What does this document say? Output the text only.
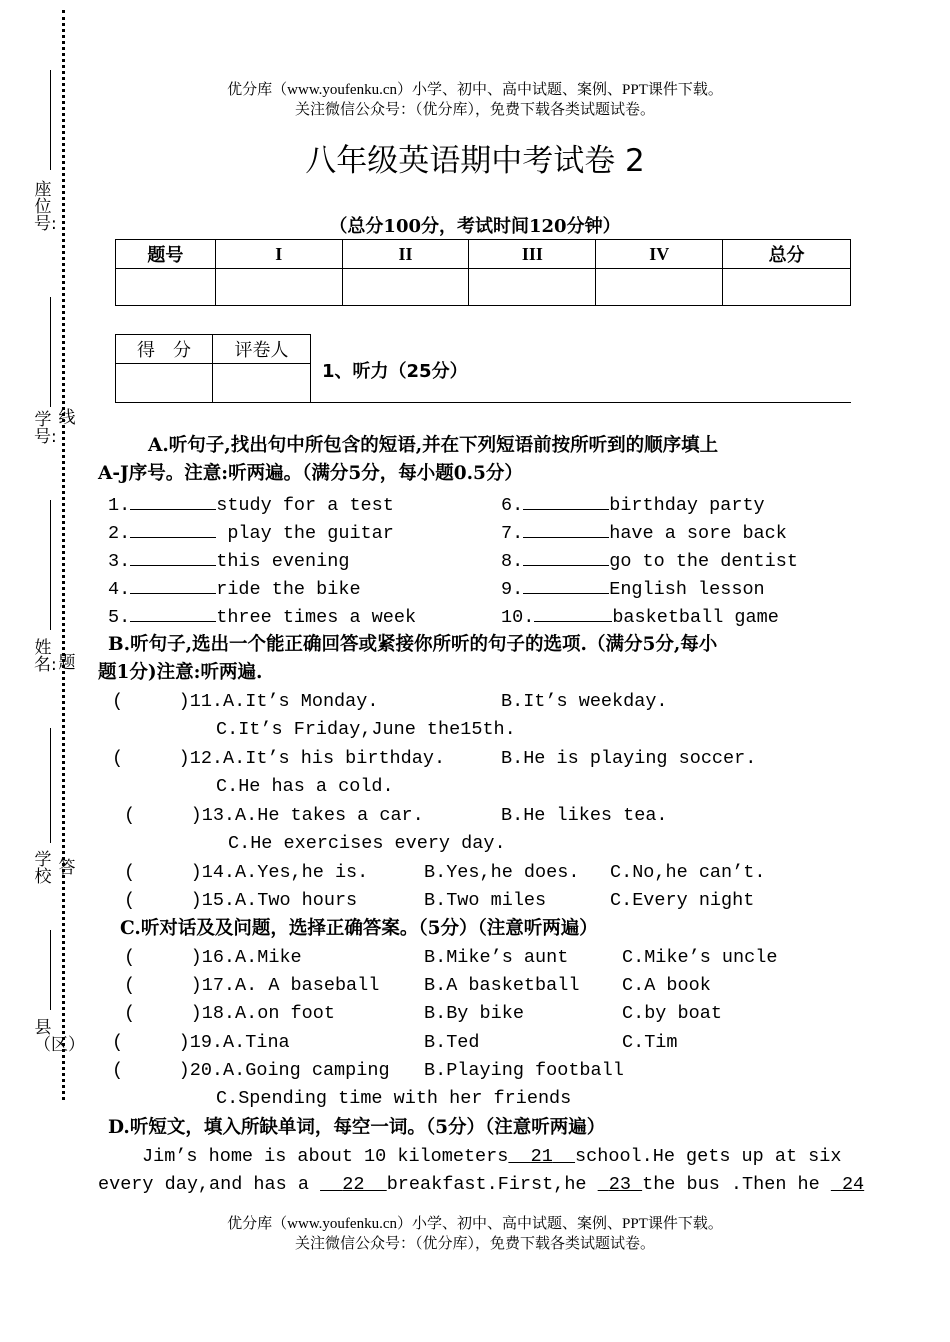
座位号:
学号:
线
姓名: 题
学校 答
县（区）
优分库（www.youfenku.cn）小学、初中、高中试题、案例、PPT课件下载。
关注微信公众号：（优分库），免费下载各类试题试卷。
八年级英语期中考试卷 2
（总分100分，考试时间120分钟）
题号	I	II	III	IV	总分

得　分	评卷人

1、听力（25分）
A.听句子,找出句中所包含的短语,并在下列短语前按所听到的顺序填上
A-J序号。注意:听两遍。（满分5分，每小题0.5分）
1.	study for a test
2.	play the guitar
3.	this evening
4.	ride the bike
5.	three times a week
6.	birthday party
7.	have a sore back
8.	go to the dentist
9.	English lesson
10.	basketball game
B.听句子,选出一个能正确回答或紧接你所听的句子的选项.（满分5分,每小
题1分)注意:听两遍.
(     )11.A.It’s Monday.	B.It’s weekday.
C.It’s Friday,June the15th.
(     )12.A.It’s his birthday.	B.He is playing soccer.
C.He has a cold.
(     )13.A.He takes a car.	B.He likes tea.
C.He exercises every day.
(     )14.A.Yes,he is.	B.Yes,he does. C.No,he can’t.
(     )15.A.Two hours	B.Two miles	C.Every night
C.听对话及及问题，选择正确答案。（5分）（注意听两遍）
(     )16.A.Mike	B.Mike’s aunt	C.Mike’s uncle
(     )17.A. A baseball B.A basketball C.A book
(     )18.A.on foot	B.By bike	C.by boat
(     )19.A.Tina	B.Ted	C.Tim
(     )20.A.Going camping B.Playing football
C.Spending time with her friends
D.听短文，填入所缺单词，每空一词。（5分）（注意听两遍）
Jim’s home is about 10 kilometers 21 school.He gets up at six
every day,and has a 22 breakfast.First,he 23 the bus .Then he 24
优分库（www.youfenku.cn）小学、初中、高中试题、案例、PPT课件下载。
关注微信公众号：（优分库），免费下载各类试题试卷。
